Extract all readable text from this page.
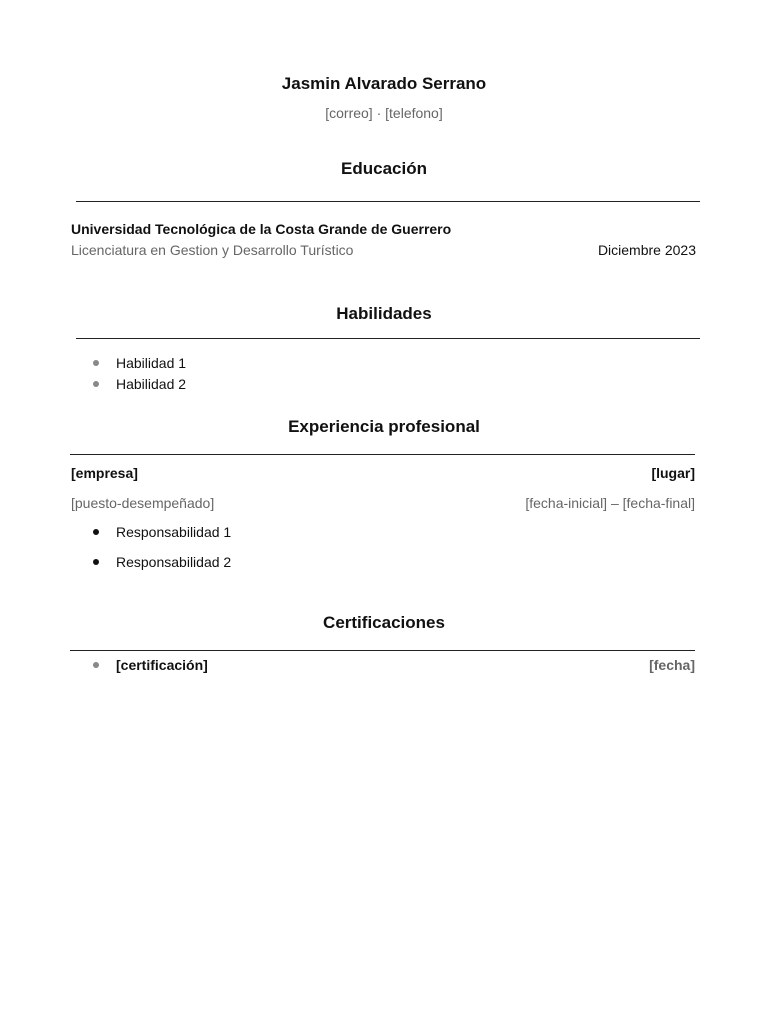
Jasmin Alvarado Serrano
[correo] · [telefono]
Educación
Universidad Tecnológica de la Costa Grande de Guerrero
Licenciatura en Gestion y Desarrollo Turístico	Diciembre 2023
Habilidades
Habilidad 1
Habilidad 2
Experiencia profesional
[empresa]	[lugar]
[puesto-desempeñado]	[fecha-inicial] – [fecha-final]
Responsabilidad 1
Responsabilidad 2
Certificaciones
[certificación]	[fecha]
